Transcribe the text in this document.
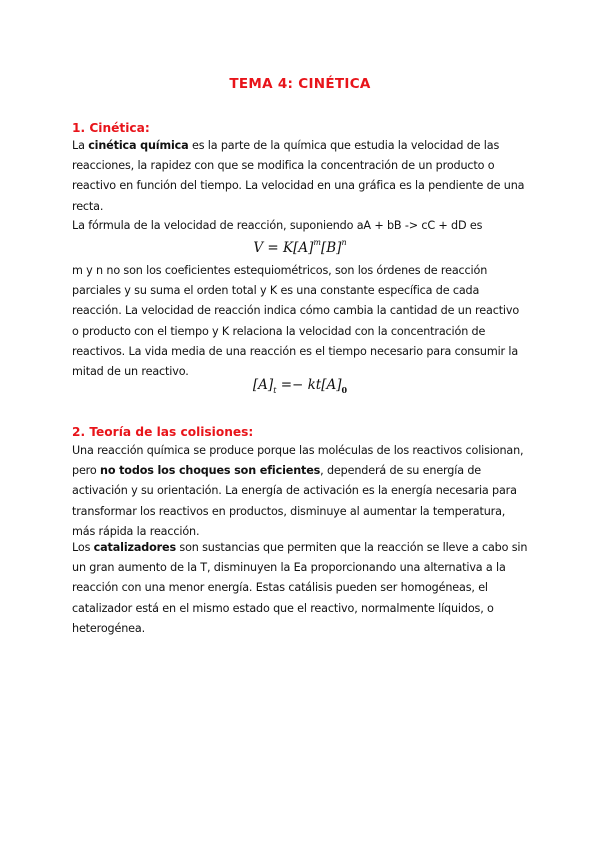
TEMA 4: CINÉTICA
1. Cinética:
La cinética química es la parte de la química que estudia la velocidad de las reacciones, la rapidez con que se modifica la concentración de un producto o reactivo en función del tiempo. La velocidad en una gráfica es la pendiente de una recta.
La fórmula de la velocidad de reacción, suponiendo aA + bB -> cC + dD es
$V = K[A]^m[B]^n$
m y n no son los coeficientes estequiométricos, son los órdenes de reacción parciales y su suma el orden total y K es una constante específica de cada reacción. La velocidad de reacción indica cómo cambia la cantidad de un reactivo o producto con el tiempo y K relaciona la velocidad con la concentración de reactivos. La vida media de una reacción es el tiempo necesario para consumir la mitad de un reactivo.
$[A]_t =- kt[A]_0$
2. Teoría de las colisiones:
Una reacción química se produce porque las moléculas de los reactivos colisionan, pero no todos los choques son eficientes, dependerá de su energía de activación y su orientación. La energía de activación es la energía necesaria para transformar los reactivos en productos, disminuye al aumentar la temperatura, más rápida la reacción.
Los catalizadores son sustancias que permiten que la reacción se lleve a cabo sin un gran aumento de la T, disminuyen la Ea proporcionando una alternativa a la reacción con una menor energía. Estas catálisis pueden ser homogéneas, el catalizador está en el mismo estado que el reactivo, normalmente líquidos, o heterogénea.
